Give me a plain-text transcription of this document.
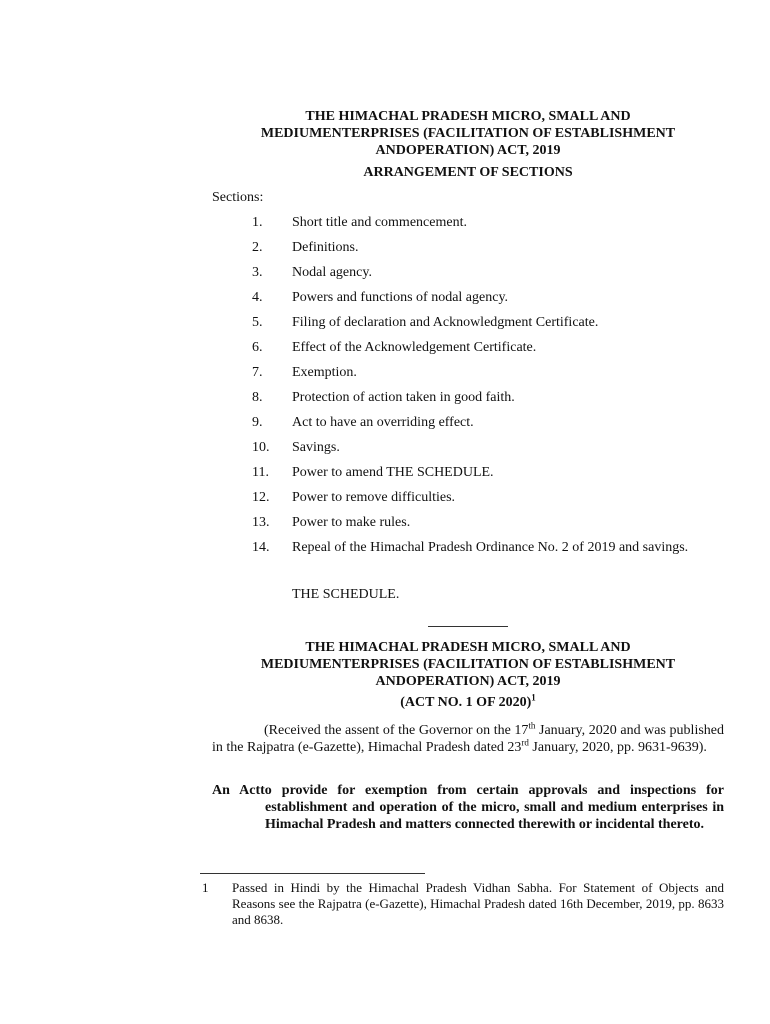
THE HIMACHAL PRADESH MICRO, SMALL AND
MEDIUMENTERPRISES (FACILITATION OF ESTABLISHMENT
ANDOPERATION) ACT, 2019
ARRANGEMENT OF SECTIONS

Sections:

1.	Short title and commencement.
2.	Definitions.
3.	Nodal agency.
4.	Powers and functions of nodal agency.
5.	Filing of declaration and Acknowledgment Certificate.
6.	Effect of the Acknowledgement Certificate.
7.	Exemption.
8.	Protection of action taken in good faith.
9.	Act to have an overriding effect.
10.	Savings.
11.	Power to amend THE SCHEDULE.
12.	Power to remove difficulties.
13.	Power to make rules.
14.	Repeal of the Himachal Pradesh Ordinance No. 2 of 2019 and savings.

THE SCHEDULE.

THE HIMACHAL PRADESH MICRO, SMALL AND
MEDIUMENTERPRISES (FACILITATION OF ESTABLISHMENT
ANDOPERATION) ACT, 2019

(ACT NO. 1 OF 2020)$^1$

(Received the assent of the Governor on the 17th January, 2020 and was published in the Rajpatra (e-Gazette), Himachal Pradesh dated 23rd January, 2020, pp. 9631-9639).

An Actto provide for exemption from certain approvals and inspections for establishment and operation of the micro, small and medium enterprises in Himachal Pradesh and matters connected therewith or incidental thereto.

1 Passed in Hindi by the Himachal Pradesh Vidhan Sabha. For Statement of Objects and Reasons see the Rajpatra (e-Gazette), Himachal Pradesh dated 16th December, 2019, pp. 8633 and 8638.
